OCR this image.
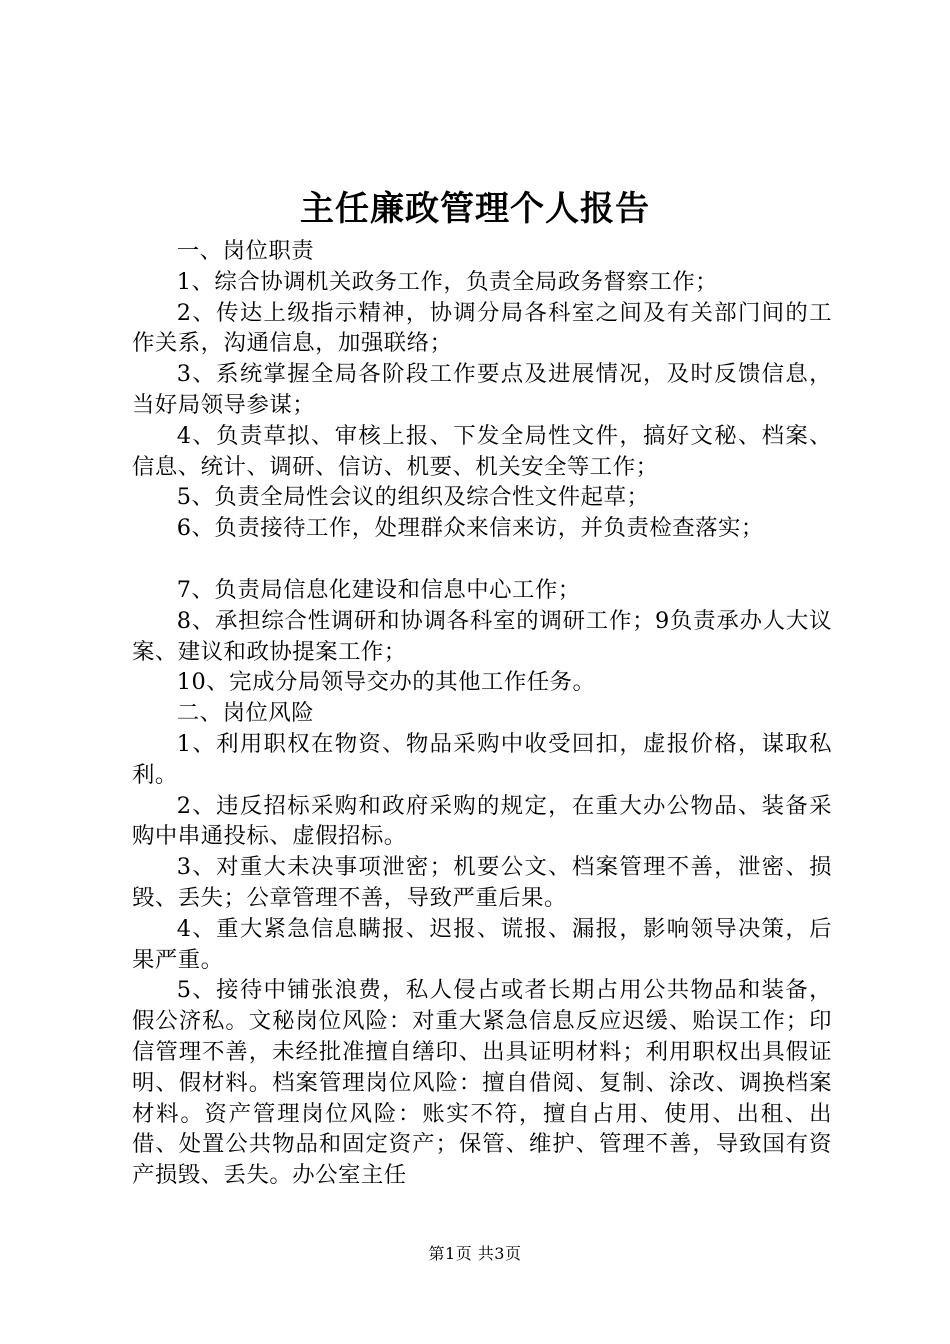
主任廉政管理个人报告

一、岗位职责

1、综合协调机关政务工作，负责全局政务督察工作；

2、传达上级指示精神，协调分局各科室之间及有关部门间的工作关系，沟通信息，加强联络；

3、系统掌握全局各阶段工作要点及进展情况，及时反馈信息，当好局领导参谋；

4、负责草拟、审核上报、下发全局性文件，搞好文秘、档案、信息、统计、调研、信访、机要、机关安全等工作；

5、负责全局性会议的组织及综合性文件起草；

6、负责接待工作，处理群众来信来访，并负责检查落实；

7、负责局信息化建设和信息中心工作；

8、承担综合性调研和协调各科室的调研工作；9负责承办人大议案、建议和政协提案工作；

10、完成分局领导交办的其他工作任务。

二、岗位风险

1、利用职权在物资、物品采购中收受回扣，虚报价格，谋取私利。

2、违反招标采购和政府采购的规定，在重大办公物品、装备采购中串通投标、虚假招标。

3、对重大未决事项泄密；机要公文、档案管理不善，泄密、损毁、丢失；公章管理不善，导致严重后果。

4、重大紧急信息瞒报、迟报、谎报、漏报，影响领导决策，后果严重。

5、接待中铺张浪费，私人侵占或者长期占用公共物品和装备，假公济私。文秘岗位风险：对重大紧急信息反应迟缓、贻误工作；印信管理不善，未经批准擅自缮印、出具证明材料；利用职权出具假证明、假材料。档案管理岗位风险：擅自借阅、复制、涂改、调换档案材料。资产管理岗位风险：账实不符，擅自占用、使用、出租、出借、处置公共物品和固定资产；保管、维护、管理不善，导致国有资产损毁、丢失。办公室主任

第1页 共3页
